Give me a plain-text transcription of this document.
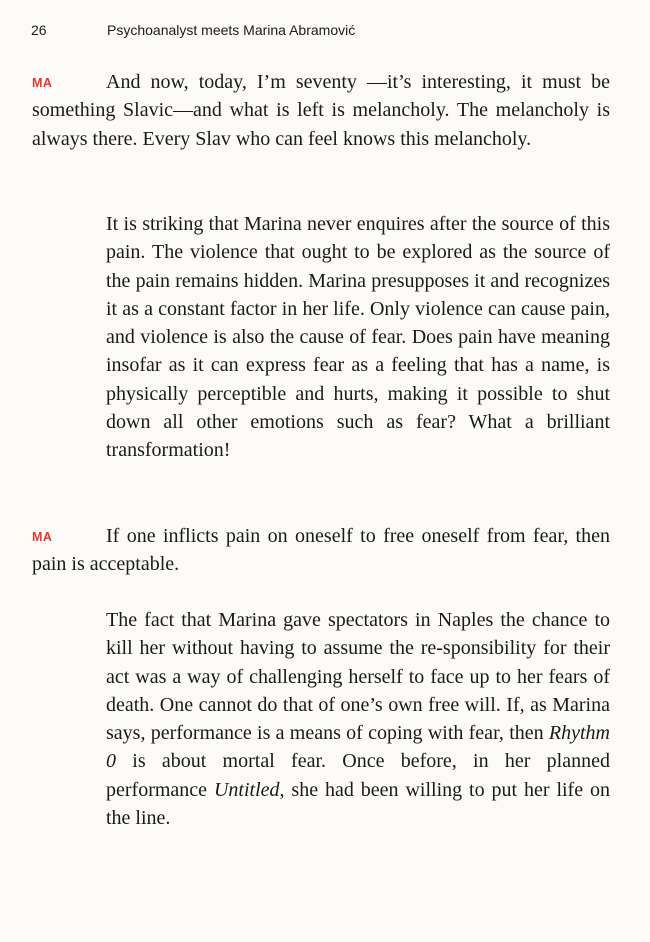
26	Psychoanalyst meets Marina Abramović
MA	And now, today, I’m seventy —it’s interesting, it must be something Slavic—and what is left is melancholy. The melancholy is always there. Every Slav who can feel knows this melancholy.

It is striking that Marina never enquires after the source of this pain. The violence that ought to be explored as the source of the pain remains hidden. Marina presupposes it and recognizes it as a constant factor in her life. Only violence can cause pain, and violence is also the cause of fear. Does pain have meaning insofar as it can express fear as a feeling that has a name, is physically perceptible and hurts, making it possible to shut down all other emotions such as fear? What a brilliant transformation!

MA	If one inflicts pain on oneself to free oneself from fear, then pain is acceptable.

The fact that Marina gave spectators in Naples the chance to kill her without having to assume the re-sponsibility for their act was a way of challenging herself to face up to her fears of death. One cannot do that of one’s own free will. If, as Marina says, performance is a means of coping with fear, then Rhythm 0 is about mortal fear. Once before, in her planned performance Untitled, she had been willing to put her life on the line.
